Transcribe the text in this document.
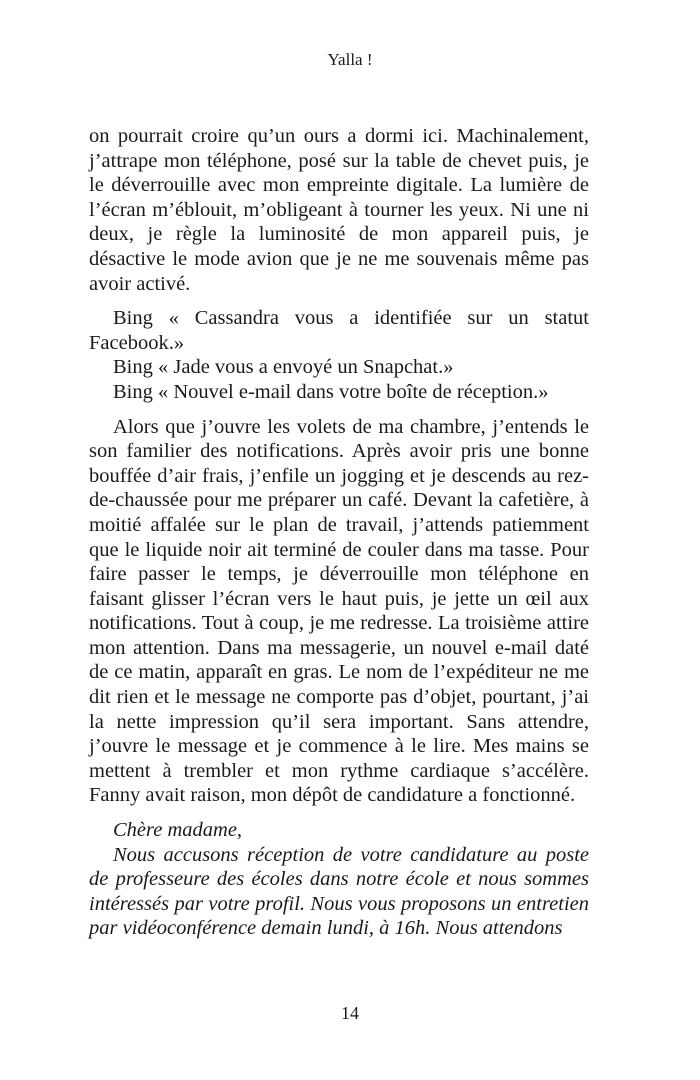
Yalla !

on pourrait croire qu’un ours a dormi ici. Machinalement, j’attrape mon téléphone, posé sur la table de chevet puis, je le déverrouille avec mon empreinte digitale. La lumière de l’écran m’éblouit, m’obligeant à tourner les yeux. Ni une ni deux, je règle la luminosité de mon appareil puis, je désactive le mode avion que je ne me souvenais même pas avoir activé.

Bing « Cassandra vous a identifiée sur un statut Facebook.»

Bing « Jade vous a envoyé un Snapchat.»

Bing « Nouvel e-mail dans votre boîte de réception.»

Alors que j’ouvre les volets de ma chambre, j’entends le son familier des notifications. Après avoir pris une bonne bouffée d’air frais, j’enfile un jogging et je descends au rez-de-chaussée pour me préparer un café. Devant la cafetière, à moitié affalée sur le plan de travail, j’attends patiemment que le liquide noir ait terminé de couler dans ma tasse. Pour faire passer le temps, je déverrouille mon téléphone en faisant glisser l’écran vers le haut puis, je jette un œil aux notifications. Tout à coup, je me redresse. La troisième attire mon attention. Dans ma messagerie, un nouvel e-mail daté de ce matin, apparaît en gras. Le nom de l’expéditeur ne me dit rien et le message ne comporte pas d’objet, pourtant, j’ai la nette impression qu’il sera important. Sans attendre, j’ouvre le message et je commence à le lire. Mes mains se mettent à trembler et mon rythme cardiaque s’accélère. Fanny avait raison, mon dépôt de candidature a fonctionné.

Chère madame,

Nous accusons réception de votre candidature au poste de professeure des écoles dans notre école et nous sommes intéressés par votre profil. Nous vous proposons un entretien par vidéoconférence demain lundi, à 16h. Nous attendons

14
